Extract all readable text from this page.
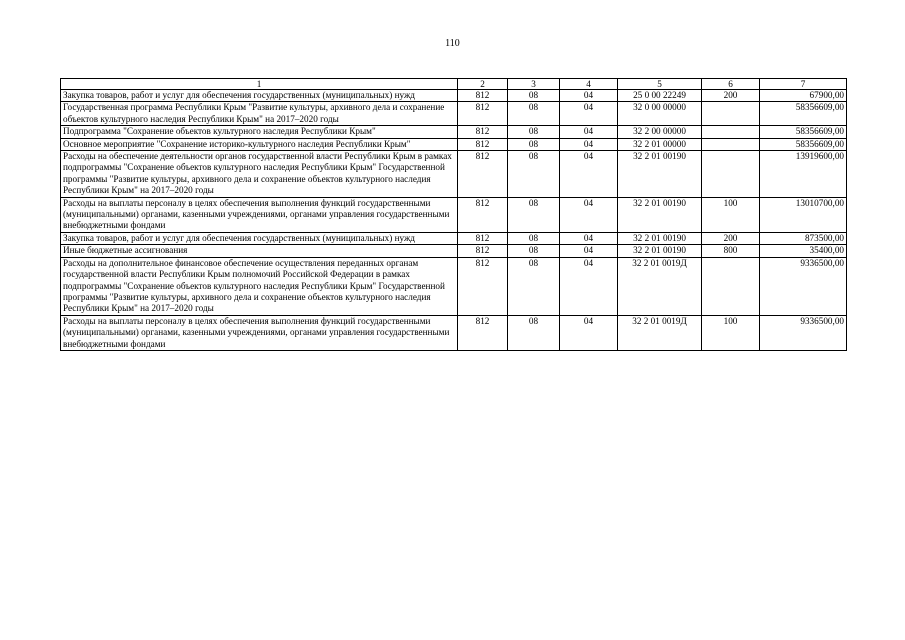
110
1	2	3	4	5	6	7
Закупка товаров, работ и услуг для обеспечения государственных (муниципальных) нужд	812	08	04	25 0 00 22249	200	67900,00
Государственная программа Республики Крым "Развитие культуры, архивного дела и сохранение объектов культурного наследия Республики Крым" на 2017–2020 годы	812	08	04	32 0 00 00000		58356609,00
Подпрограмма "Сохранение объектов культурного наследия Республики Крым"	812	08	04	32 2 00 00000		58356609,00
Основное мероприятие "Сохранение историко-культурного наследия Республики Крым"	812	08	04	32 2 01 00000		58356609,00
Расходы на обеспечение деятельности органов государственной власти Республики Крым в рамках подпрограммы "Сохранение объектов культурного наследия Республики Крым" Государственной программы "Развитие культуры, архивного дела и сохранение объектов культурного наследия Республики Крым" на 2017–2020 годы	812	08	04	32 2 01 00190		13919600,00
Расходы на выплаты персоналу в целях обеспечения выполнения функций государственными (муниципальными) органами, казенными учреждениями, органами управления государственными внебюджетными фондами	812	08	04	32 2 01 00190	100	13010700,00
Закупка товаров, работ и услуг для обеспечения государственных (муниципальных) нужд	812	08	04	32 2 01 00190	200	873500,00
Иные бюджетные ассигнования	812	08	04	32 2 01 00190	800	35400,00
Расходы на дополнительное финансовое обеспечение осуществления переданных органам государственной власти Республики Крым полномочий Российской Федерации в рамках подпрограммы "Сохранение объектов культурного наследия Республики Крым" Государственной программы "Развитие культуры, архивного дела и сохранение объектов культурного наследия Республики Крым" на 2017–2020 годы	812	08	04	32 2 01 0019Д		9336500,00
Расходы на выплаты персоналу в целях обеспечения выполнения функций государственными (муниципальными) органами, казенными учреждениями, органами управления государственными внебюджетными фондами	812	08	04	32 2 01 0019Д	100	9336500,00
